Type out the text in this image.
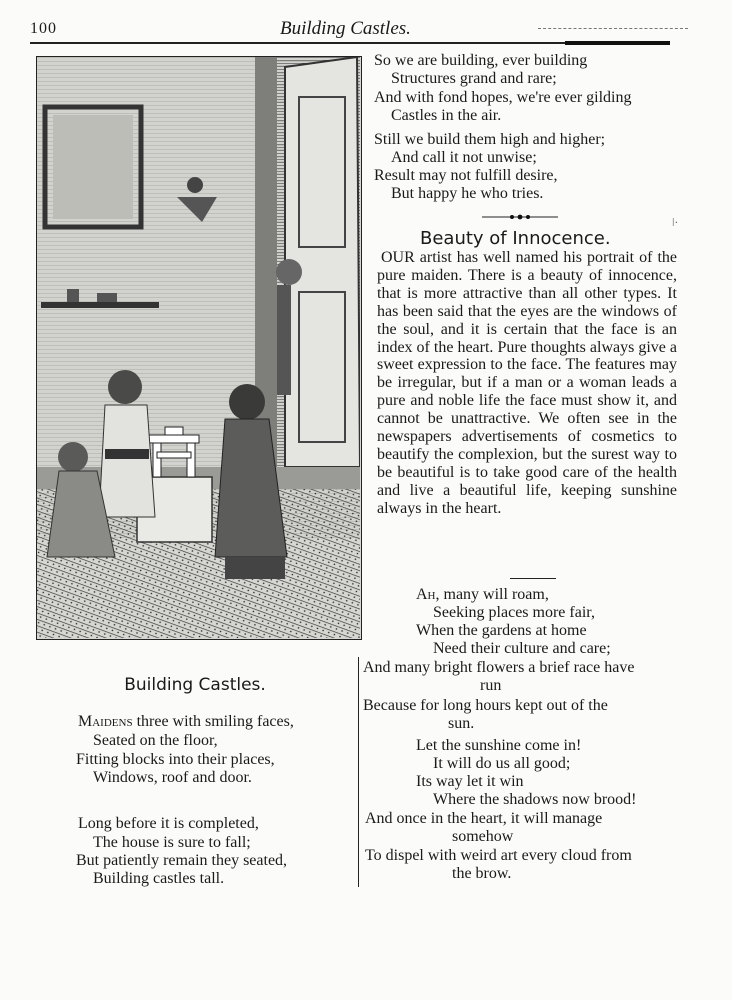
100	Building Castles.
Building Castles.
Maidens three with smiling faces,
Seated on the floor,
Fitting blocks into their places,
Windows, roof and door.
Long before it is completed,
The house is sure to fall;
But patiently remain they seated,
Building castles tall.
So we are building, ever building
Structures grand and rare;
And with fond hopes, we're ever gilding
Castles in the air.
Still we build them high and higher;
And call it not unwise;
Result may not fulfill desire,
But happy he who tries.
ǀ·
Beauty of Innocence.
OUR artist has well named his portrait of the pure maiden. There is a beauty of innocence, that is more attractive than all other types. It has been said that the eyes are the windows of the soul, and it is certain that the face is an index of the heart. Pure thoughts always give a sweet expression to the face. The features may be irregular, but if a man or a woman leads a pure and noble life the face must show it, and cannot be unattractive. We often see in the newspapers advertisements of cosmetics to beautify the complexion, but the surest way to be beautiful is to take good care of the health and live a beautiful life, keeping sunshine always in the heart.
Ah, many will roam,
Seeking places more fair,
When the gardens at home
Need their culture and care;
And many bright flowers a brief race have
run
Because for long hours kept out of the
sun.
Let the sunshine come in!
It will do us all good;
Its way let it win
Where the shadows now brood!
And once in the heart, it will manage
somehow
To dispel with weird art every cloud from
the brow.
